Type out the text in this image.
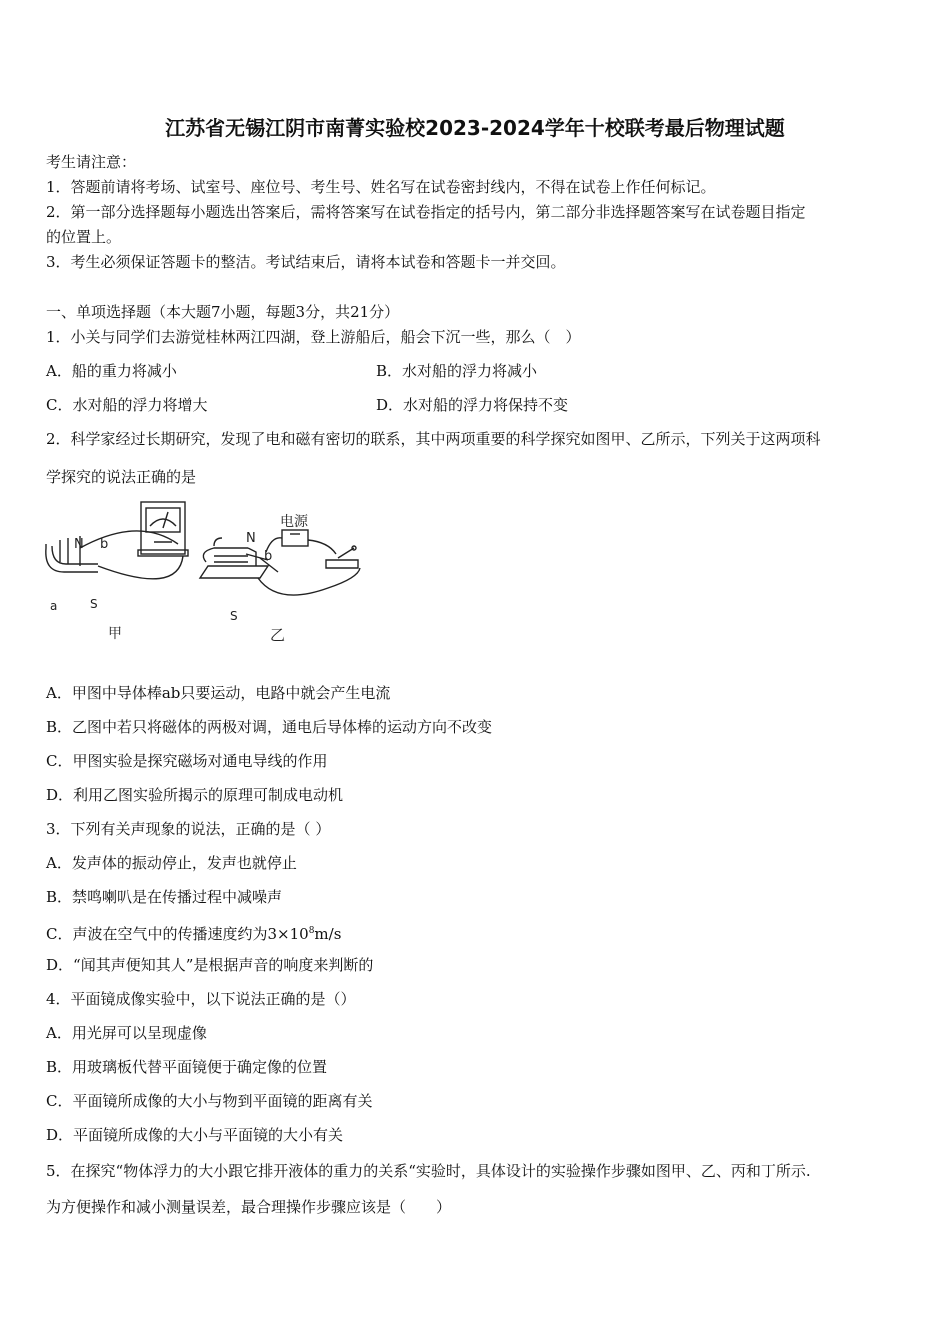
江苏省无锡江阴市南菁实验校2023-2024学年十校联考最后物理试题
考生请注意：
1．答题前请将考场、试室号、座位号、考生号、姓名写在试卷密封线内，不得在试卷上作任何标记。
2．第一部分选择题每小题选出答案后，需将答案写在试卷指定的括号内，第二部分非选择题答案写在试卷题目指定
的位置上。
3．考生必须保证答题卡的整洁。考试结束后，请将本试卷和答题卡一并交回。
一、单项选择题（本大题7小题，每题3分，共21分）
1．小关与同学们去游觉桂林两江四湖，登上游船后，船会下沉一些，那么（　）
A．船的重力将减小	B．水对船的浮力将减小
C．水对船的浮力将增大	D．水对船的浮力将保持不变
2．科学家经过长期研究，发现了电和磁有密切的联系，其中两项重要的科学探究如图甲、乙所示，下列关于这两项科
学探究的说法正确的是
N b
a	S
甲
N
b
S
乙
电源
A．甲图中导体棒ab只要运动，电路中就会产生电流
B．乙图中若只将磁体的两极对调，通电后导体棒的运动方向不改变
C．甲图实验是探究磁场对通电导线的作用
D．利用乙图实验所揭示的原理可制成电动机
3．下列有关声现象的说法，正确的是（ ）
A．发声体的振动停止，发声也就停止
B．禁鸣喇叭是在传播过程中减噪声
C．声波在空气中的传播速度约为$3\times 10^8m/s$
D．“闻其声便知其人”是根据声音的响度来判断的
4．平面镜成像实验中，以下说法正确的是（）
A．用光屏可以呈现虚像
B．用玻璃板代替平面镜便于确定像的位置
C．平面镜所成像的大小与物到平面镜的距离有关
D．平面镜所成像的大小与平面镜的大小有关
5．在探究“物体浮力的大小跟它排开液体的重力的关系“实验时，具体设计的实验操作步骤如图甲、乙、丙和丁所示.
为方便操作和减小测量误差，最合理操作步骤应该是（　　）
